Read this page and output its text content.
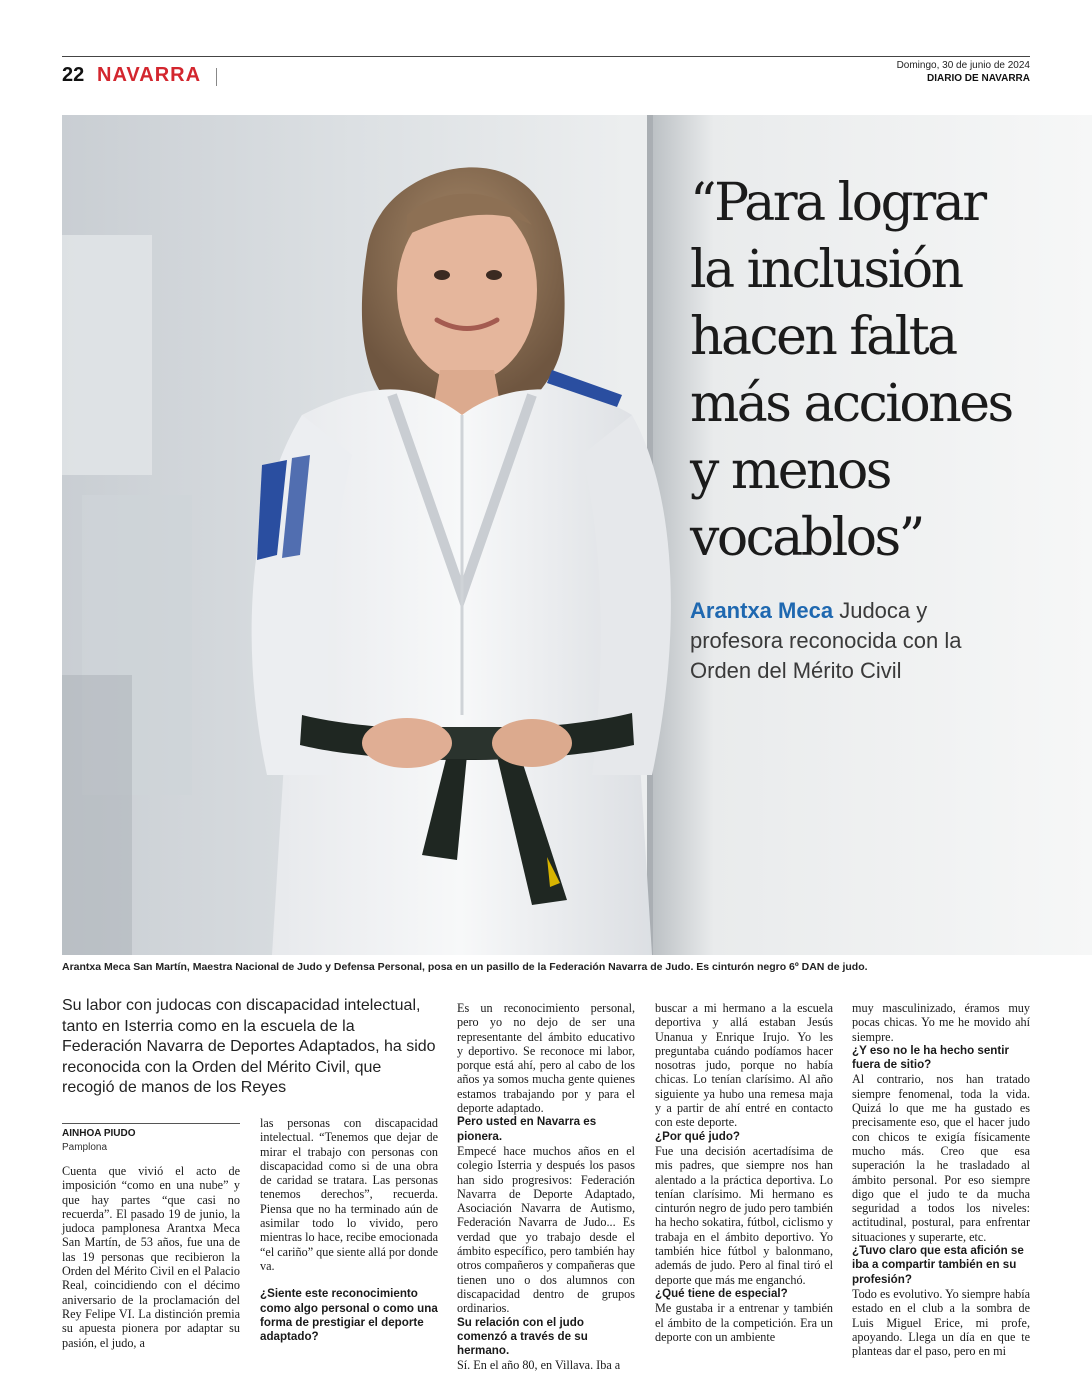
22 NAVARRA	Domingo, 30 de junio de 2024
DIARIO DE NAVARRA
“Para lograr
la inclusión
hacen falta
más acciones
y menos
vocablos”
Arantxa Meca Judoca y profesora reconocida con la Orden del Mérito Civil
Arantxa Meca San Martín, Maestra Nacional de Judo y Defensa Personal, posa en un pasillo de la Federación Navarra de Judo. Es cinturón negro 6º DAN de judo.
Su labor con judocas con discapacidad intelectual, tanto en Isterria como en la escuela de la Federación Navarra de Deportes Adaptados, ha sido reconocida con la Orden del Mérito Civil, que recogió de manos de los Reyes
AINHOA PIUDO
Pamplona

Cuenta que vivió el acto de imposición “como en una nube” y que hay partes “que casi no recuerda”. El pasado 19 de junio, la judoca pamplonesa Arantxa Meca San Martín, de 53 años, fue una de las 19 personas que recibieron la Orden del Mérito Civil en el Palacio Real, coincidiendo con el décimo aniversario de la proclamación del Rey Felipe VI. La distinción premia su apuesta pionera por adaptar su pasión, el judo, a

las personas con discapacidad intelectual. “Tenemos que dejar de mirar el trabajo con personas con discapacidad como si de una obra de caridad se tratara. Las personas tenemos derechos”, recuerda. Piensa que no ha terminado aún de asimilar todo lo vivido, pero mientras lo hace, recibe emocionada “el cariño” que siente allá por donde va.

¿Siente este reconocimiento como algo personal o como una forma de prestigiar el deporte adaptado?

Es un reconocimiento personal, pero yo no dejo de ser una representante del ámbito educativo y deportivo. Se reconoce mi labor, porque está ahí, pero al cabo de los años ya somos mucha gente quienes estamos trabajando por y para el deporte adaptado.

Pero usted en Navarra es pionera.

Empecé hace muchos años en el colegio Isterria y después los pasos han sido progresivos: Federación Navarra de Deporte Adaptado, Asociación Navarra de Autismo, Federación Navarra de Judo... Es verdad que yo trabajo desde el ámbito específico, pero también hay otros compañeros y compañeras que tienen uno o dos alumnos con discapacidad dentro de grupos ordinarios.

Su relación con el judo comenzó a través de su hermano.

Sí. En el año 80, en Villava. Iba a

buscar a mi hermano a la escuela deportiva y allá estaban Jesús Unanua y Enrique Irujo. Yo les preguntaba cuándo podíamos hacer nosotras judo, porque no había chicas. Lo tenían clarísimo. Al año siguiente ya hubo una remesa maja y a partir de ahí entré en contacto con este deporte.

¿Por qué judo?

Fue una decisión acertadísima de mis padres, que siempre nos han alentado a la práctica deportiva. Lo tenían clarísimo. Mi hermano es cinturón negro de judo pero también ha hecho sokatira, fútbol, ciclismo y trabaja en el ámbito deportivo. Yo también hice fútbol y balonmano, además de judo. Pero al final tiró el deporte que más me enganchó.

¿Qué tiene de especial?

Me gustaba ir a entrenar y también el ámbito de la competición. Era un deporte con un ambiente

muy masculinizado, éramos muy pocas chicas. Yo me he movido ahí siempre.

¿Y eso no le ha hecho sentir fuera de sitio?

Al contrario, nos han tratado siempre fenomenal, toda la vida. Quizá lo que me ha gustado es precisamente eso, que el hacer judo con chicos te exigía físicamente mucho más. Creo que esa superación la he trasladado al ámbito personal. Por eso siempre digo que el judo te da mucha seguridad a todos los niveles: actitudinal, postural, para enfrentar situaciones y superarte, etc.

¿Tuvo claro que esta afición se iba a compartir también en su profesión?

Todo es evolutivo. Yo siempre había estado en el club a la sombra de Luis Miguel Erice, mi profe, apoyando. Llega un día en que te planteas dar el paso, pero en mi
